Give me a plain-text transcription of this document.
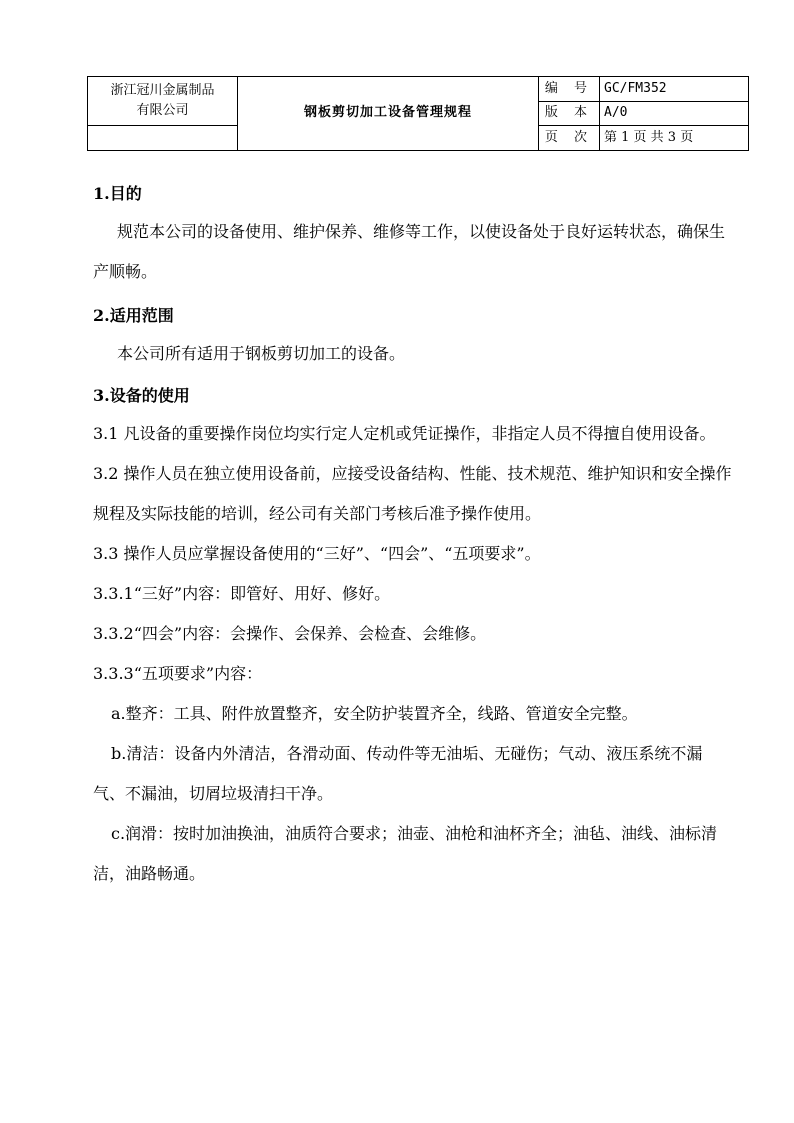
浙江冠川金属制品
有限公司	钢板剪切加工设备管理规程	编 号	GC/FM352
		版 本	A/0
		页 次	第 1 页 共 3 页
1.目的

规范本公司的设备使用、维护保养、维修等工作，以使设备处于良好运转状态，确保生产顺畅。

2.适用范围

本公司所有适用于钢板剪切加工的设备。

3.设备的使用

3.1 凡设备的重要操作岗位均实行定人定机或凭证操作，非指定人员不得擅自使用设备。

3.2 操作人员在独立使用设备前，应接受设备结构、性能、技术规范、维护知识和安全操作规程及实际技能的培训，经公司有关部门考核后准予操作使用。

3.3 操作人员应掌握设备使用的“三好”、“四会”、“五项要求”。

3.3.1“三好”内容：即管好、用好、修好。

3.3.2“四会”内容：会操作、会保养、会检查、会维修。

3.3.3“五项要求”内容：

a.整齐：工具、附件放置整齐，安全防护装置齐全，线路、管道安全完整。

b.清洁：设备内外清洁，各滑动面、传动件等无油垢、无碰伤；气动、液压系统不漏气、不漏油，切屑垃圾清扫干净。

c.润滑：按时加油换油，油质符合要求；油壶、油枪和油杯齐全；油毡、油线、油标清洁，油路畅通。
